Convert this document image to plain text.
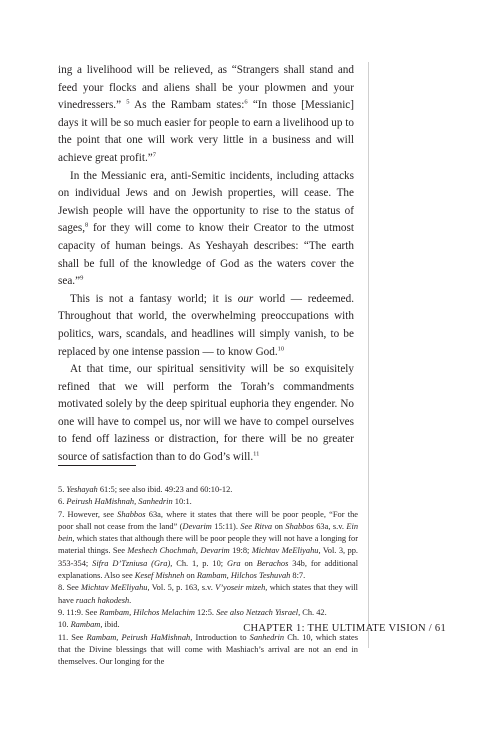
ing a livelihood will be relieved, as “Strangers shall stand and feed your flocks and aliens shall be your plowmen and your vinedressers.” $^5$ As the Rambam states:$^6$ “In those [Messianic] days it will be so much easier for people to earn a livelihood up to the point that one will work very little in a business and will achieve great profit.”$^7$

In the Messianic era, anti-Semitic incidents, including attacks on individual Jews and on Jewish properties, will cease. The Jewish people will have the opportunity to rise to the status of sages,$^8$ for they will come to know their Creator to the utmost capacity of human beings. As Yeshayah describes: “The earth shall be full of the knowledge of God as the waters cover the sea.”$^9$

This is not a fantasy world; it is our world — redeemed. Throughout that world, the overwhelming preoccupations with politics, wars, scandals, and headlines will simply vanish, to be replaced by one intense passion — to know God.$^{10}$

At that time, our spiritual sensitivity will be so exquisitely refined that we will perform the Torah’s commandments motivated solely by the deep spiritual euphoria they engender. No one will have to compel us, nor will we have to compel ourselves to fend off laziness or distraction, for there will be no greater source of satisfaction than to do God’s will.$^{11}$

5. Yeshayah 61:5; see also ibid. 49:23 and 60:10-12.

6. Peirush HaMishnah, Sanhedrin 10:1.

7. However, see Shabbos 63a, where it states that there will be poor people, “For the poor shall not cease from the land” (Devarim 15:11). See Ritva on Shabbos 63a, s.v. Ein bein, which states that although there will be poor people they will not have a longing for material things. See Meshech Chochmah, Devarim 19:8; Michtav MeEliyahu, Vol. 3, pp. 353-354; Sifra D’Tzniusa (Gra), Ch. 1, p. 10; Gra on Berachos 34b, for additional explanations. Also see Kesef Mishneh on Rambam, Hilchos Teshuvah 8:7.

8. See Michtav MeEliyahu, Vol. 5, p. 163, s.v. V’yoseir mizeh, which states that they will have ruach hakodesh.

9. 11:9. See Rambam, Hilchos Melachim 12:5. See also Netzach Yisrael, Ch. 42.

10. Rambam, ibid.

11. See Rambam, Peirush HaMishnah, Introduction to Sanhedrin Ch. 10, which states that the Divine blessings that will come with Mashiach’s arrival are not an end in themselves. Our longing for the

CHAPTER 1: THE ULTIMATE VISION / 61
